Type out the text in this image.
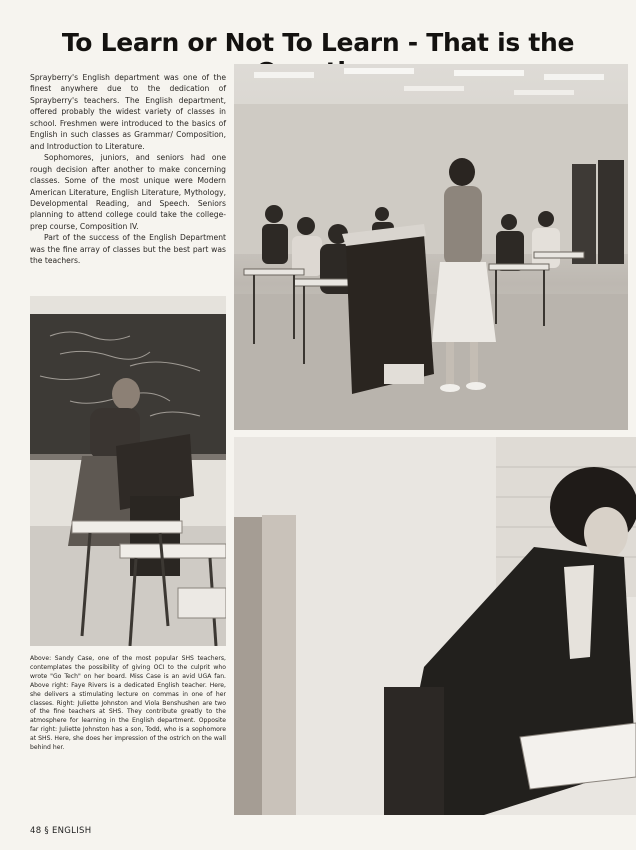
To Learn or Not To Learn - That is the

Sprayberry's English department was one of the finest anywhere due to the dedication of Sprayberry's teachers. The English department, offered probably the widest variety of classes in school. Freshmen were introduced to the basics of English in such classes as Grammar/ Composition, and Introduction to Literature.

Sophomores, juniors, and seniors had one rough decision after another to make concerning classes. Some of the most unique were Modern American Literature, English Literature, Mythology, Developmental Reading, and Speech. Seniors planning to attend college could take the college-prep course, Composition IV.

Part of the success of the English Department was the fine array of classes but the best part was the teachers.

Above: Sandy Case, one of the most popular SHS teachers, contemplates the possibility of giving OCI to the culprit who wrote "Go Tech" on her board. Miss Case is an avid UGA fan. Above right: Faye Rivers is a dedicated English teacher. Here, she delivers a stimulating lecture on commas in one of her classes. Right: Juliette Johnston and Viola Benshushen are two of the fine teachers at SHS. They contribute greatly to the atmosphere for learning in the English department. Opposite far right: Juliette Johnston has a son, Todd, who is a sophomore at SHS. Here, she does her impression of the ostrich on the wall behind her.
48 § ENGLISH
